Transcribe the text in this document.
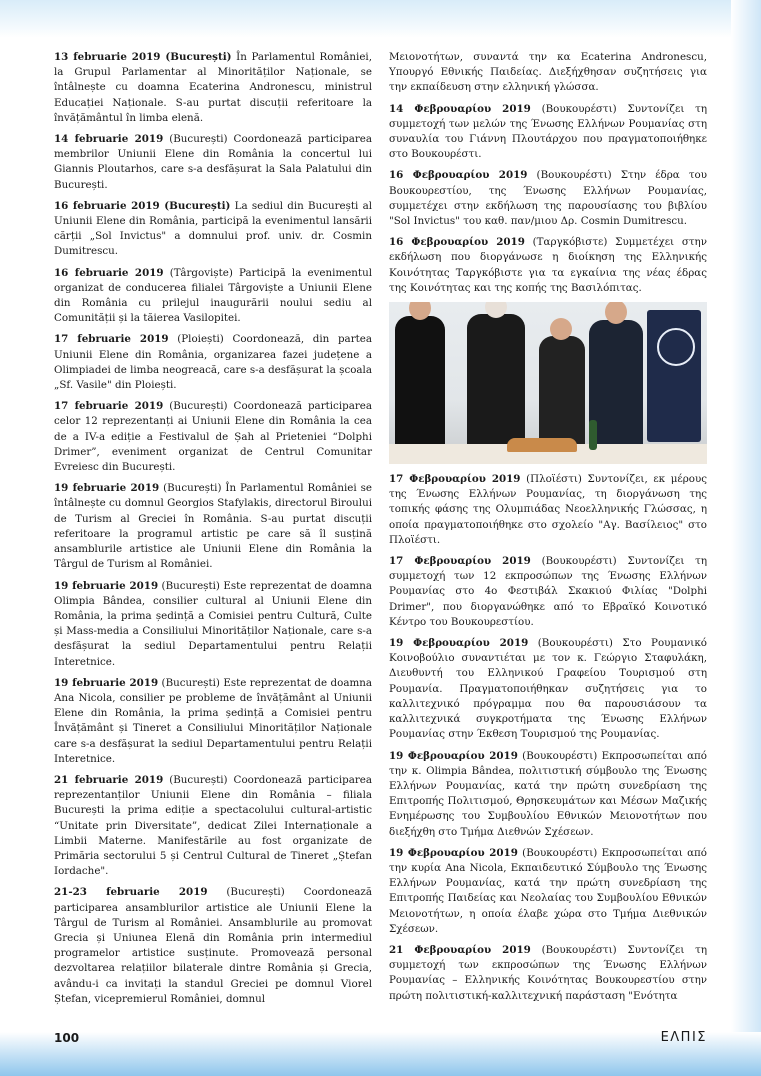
13 februarie 2019 (București) În Parlamentul României, la Grupul Parlamentar al Minorităților Naționale, se întâlnește cu doamna Ecaterina Andronescu, ministrul Educației Naționale. S-au purtat discuții referitoare la învățământul în limba elenă.

14 februarie 2019 (București) Coordonează participarea membrilor Uniunii Elene din România la concertul lui Giannis Ploutarhos, care s-a desfășurat la Sala Palatului din București.

16 februarie 2019 (București) La sediul din București al Uniunii Elene din România, participă la evenimentul lansării cărții „Sol Invictus" a domnului prof. univ. dr. Cosmin Dumitrescu.

16 februarie 2019 (Târgoviște) Participă la evenimentul organizat de conducerea filialei Târgoviște a Uniunii Elene din România cu prilejul inaugurării noului sediu al Comunității și la tăierea Vasilopitei.

17 februarie 2019 (Ploiești) Coordonează, din partea Uniunii Elene din România, organizarea fazei județene a Olimpiadei de limba neogreacă, care s-a desfășurat la școala „Sf. Vasile" din Ploiești.

17 februarie 2019 (București) Coordonează participarea celor 12 reprezentanți ai Uniunii Elene din România la cea de a IV-a ediție a Festivalul de Șah al Prieteniei “Dolphi Drimer”, eveniment organizat de Centrul Comunitar Evreiesc din București.

19 februarie 2019 (București) În Parlamentul României se întâlnește cu domnul Georgios Stafylakis, directorul Biroului de Turism al Greciei în România. S-au purtat discuții referitoare la programul artistic pe care să îl susțină ansamblurile artistice ale Uniunii Elene din România la Târgul de Turism al României.

19 februarie 2019 (București) Este reprezentat de doamna Olimpia Bândea, consilier cultural al Uniunii Elene din România, la prima ședință a Comisiei pentru Cultură, Culte și Mass-media a Consiliului Minorităților Naționale, care s-a desfășurat la sediul Departamentului pentru Relații Interetnice.

19 februarie 2019 (București) Este reprezentat de doamna Ana Nicola, consilier pe probleme de învățământ al Uniunii Elene din România, la prima ședință a Comisiei pentru Învățământ și Tineret a Consiliului Minorităților Naționale care s-a desfășurat la sediul Departamentului pentru Relații Interetnice.

21 februarie 2019 (București) Coordonează participarea reprezentanților Uniunii Elene din România – filiala București la prima ediție a spectacolului cultural-artistic “Unitate prin Diversitate”, dedicat Zilei Internaționale a Limbii Materne. Manifestările au fost organizate de Primăria sectorului 5 și Centrul Cultural de Tineret „Ștefan Iordache".

21-23 februarie 2019 (București) Coordonează participarea ansamblurilor artistice ale Uniunii Elene la Târgul de Turism al României. Ansamblurile au promovat Grecia și Uniunea Elenă din România prin intermediul programelor artistice susținute. Promovează personal dezvoltarea relațiilor bilaterale dintre România și Grecia, avându-i ca invitați la standul Greciei pe domnul Viorel Ștefan, vicepremierul României, domnul

Μειονοτήτων, συναντά την κα Ecaterina Andronescu, Υπουργό Εθνικής Παιδείας. Διεξήχθησαν συζητήσεις για την εκπαίδευση στην ελληνική γλώσσα.

14 Φεβρουαρίου 2019 (Βουκουρέστι) Συντονίζει τη συμμετοχή των μελών της Ένωσης Ελλήνων Ρουμανίας στη συναυλία του Γιάννη Πλουτάρχου που πραγματοποιήθηκε στο Βουκουρέστι.

16 Φεβρουαρίου 2019 (Βουκουρέστι) Στην έδρα του Βουκουρεστίου, της Ένωσης Ελλήνων Ρουμανίας, συμμετέχει στην εκδήλωση της παρουσίασης του βιβλίου "Sol Invictus" του καθ. παν/μιου Δρ. Cosmin Dumitrescu.

16 Φεβρουαρίου 2019 (Ταργκόβιστε) Συμμετέχει στην εκδήλωση που διοργάνωσε η διοίκηση της Ελληνικής Κοινότητας Ταργκόβιστε για τα εγκαίνια της νέας έδρας της Κοινότητας και της κοπής της Βασιλόπιτας.

17 Φεβρουαρίου 2019 (Πλοϊέστι) Συντονίζει, εκ μέρους της Ένωσης Ελλήνων Ρουμανίας, τη διοργάνωση της τοπικής φάσης της Ολυμπιάδας Νεοελληνικής Γλώσσας, η οποία πραγματοποιήθηκε στο σχολείο "Αγ. Βασίλειος" στο Πλοϊέστι.

17 Φεβρουαρίου 2019 (Βουκουρέστι) Συντονίζει τη συμμετοχή των 12 εκπροσώπων της Ένωσης Ελλήνων Ρουμανίας στο 4ο Φεστιβάλ Σκακιού Φιλίας "Dolphi Drimer", που διοργανώθηκε από το Εβραϊκό Κοινοτικό Κέντρο του Βουκουρεστίου.

19 Φεβρουαρίου 2019 (Βουκουρέστι) Στο Ρουμανικό Κοινοβούλιο συναντιέται με τον κ. Γεώργιο Σταφυλάκη, Διευθυντή του Ελληνικού Γραφείου Τουρισμού στη Ρουμανία. Πραγματοποιήθηκαν συζητήσεις για το καλλιτεχνικό πρόγραμμα που θα παρουσιάσουν τα καλλιτεχνικά συγκροτήματα της Ένωσης Ελλήνων Ρουμανίας στην Έκθεση Τουρισμού της Ρουμανίας.

19 Φεβρουαρίου 2019 (Βουκουρέστι) Εκπροσωπείται από την κ. Olimpia Bândea, πολιτιστική σύμβουλο της Ένωσης Ελλήνων Ρουμανίας, κατά την πρώτη συνεδρίαση της Επιτροπής Πολιτισμού, Θρησκευμάτων και Μέσων Μαζικής Ενημέρωσης του Συμβουλίου Εθνικών Μειονοτήτων που διεξήχθη στο Τμήμα Διεθνών Σχέσεων.

19 Φεβρουαρίου 2019 (Βουκουρέστι) Εκπροσωπείται από την κυρία Ana Nicola, Εκπαιδευτικό Σύμβουλο της Ένωσης Ελλήνων Ρουμανίας, κατά την πρώτη συνεδρίαση της Επιτροπής Παιδείας και Νεολαίας του Συμβουλίου Εθνικών Μειονοτήτων, η οποία έλαβε χώρα στο Τμήμα Διεθνικών Σχέσεων.

21 Φεβρουαρίου 2019 (Βουκουρέστι) Συντονίζει τη συμμετοχή των εκπροσώπων της Ένωσης Ελλήνων Ρουμανίας – Ελληνικής Κοινότητας Βουκουρεστίου στην πρώτη πολιτιστική-καλλιτεχνική παράσταση "Ενότητα

100	ΕΛΠΙΣ
